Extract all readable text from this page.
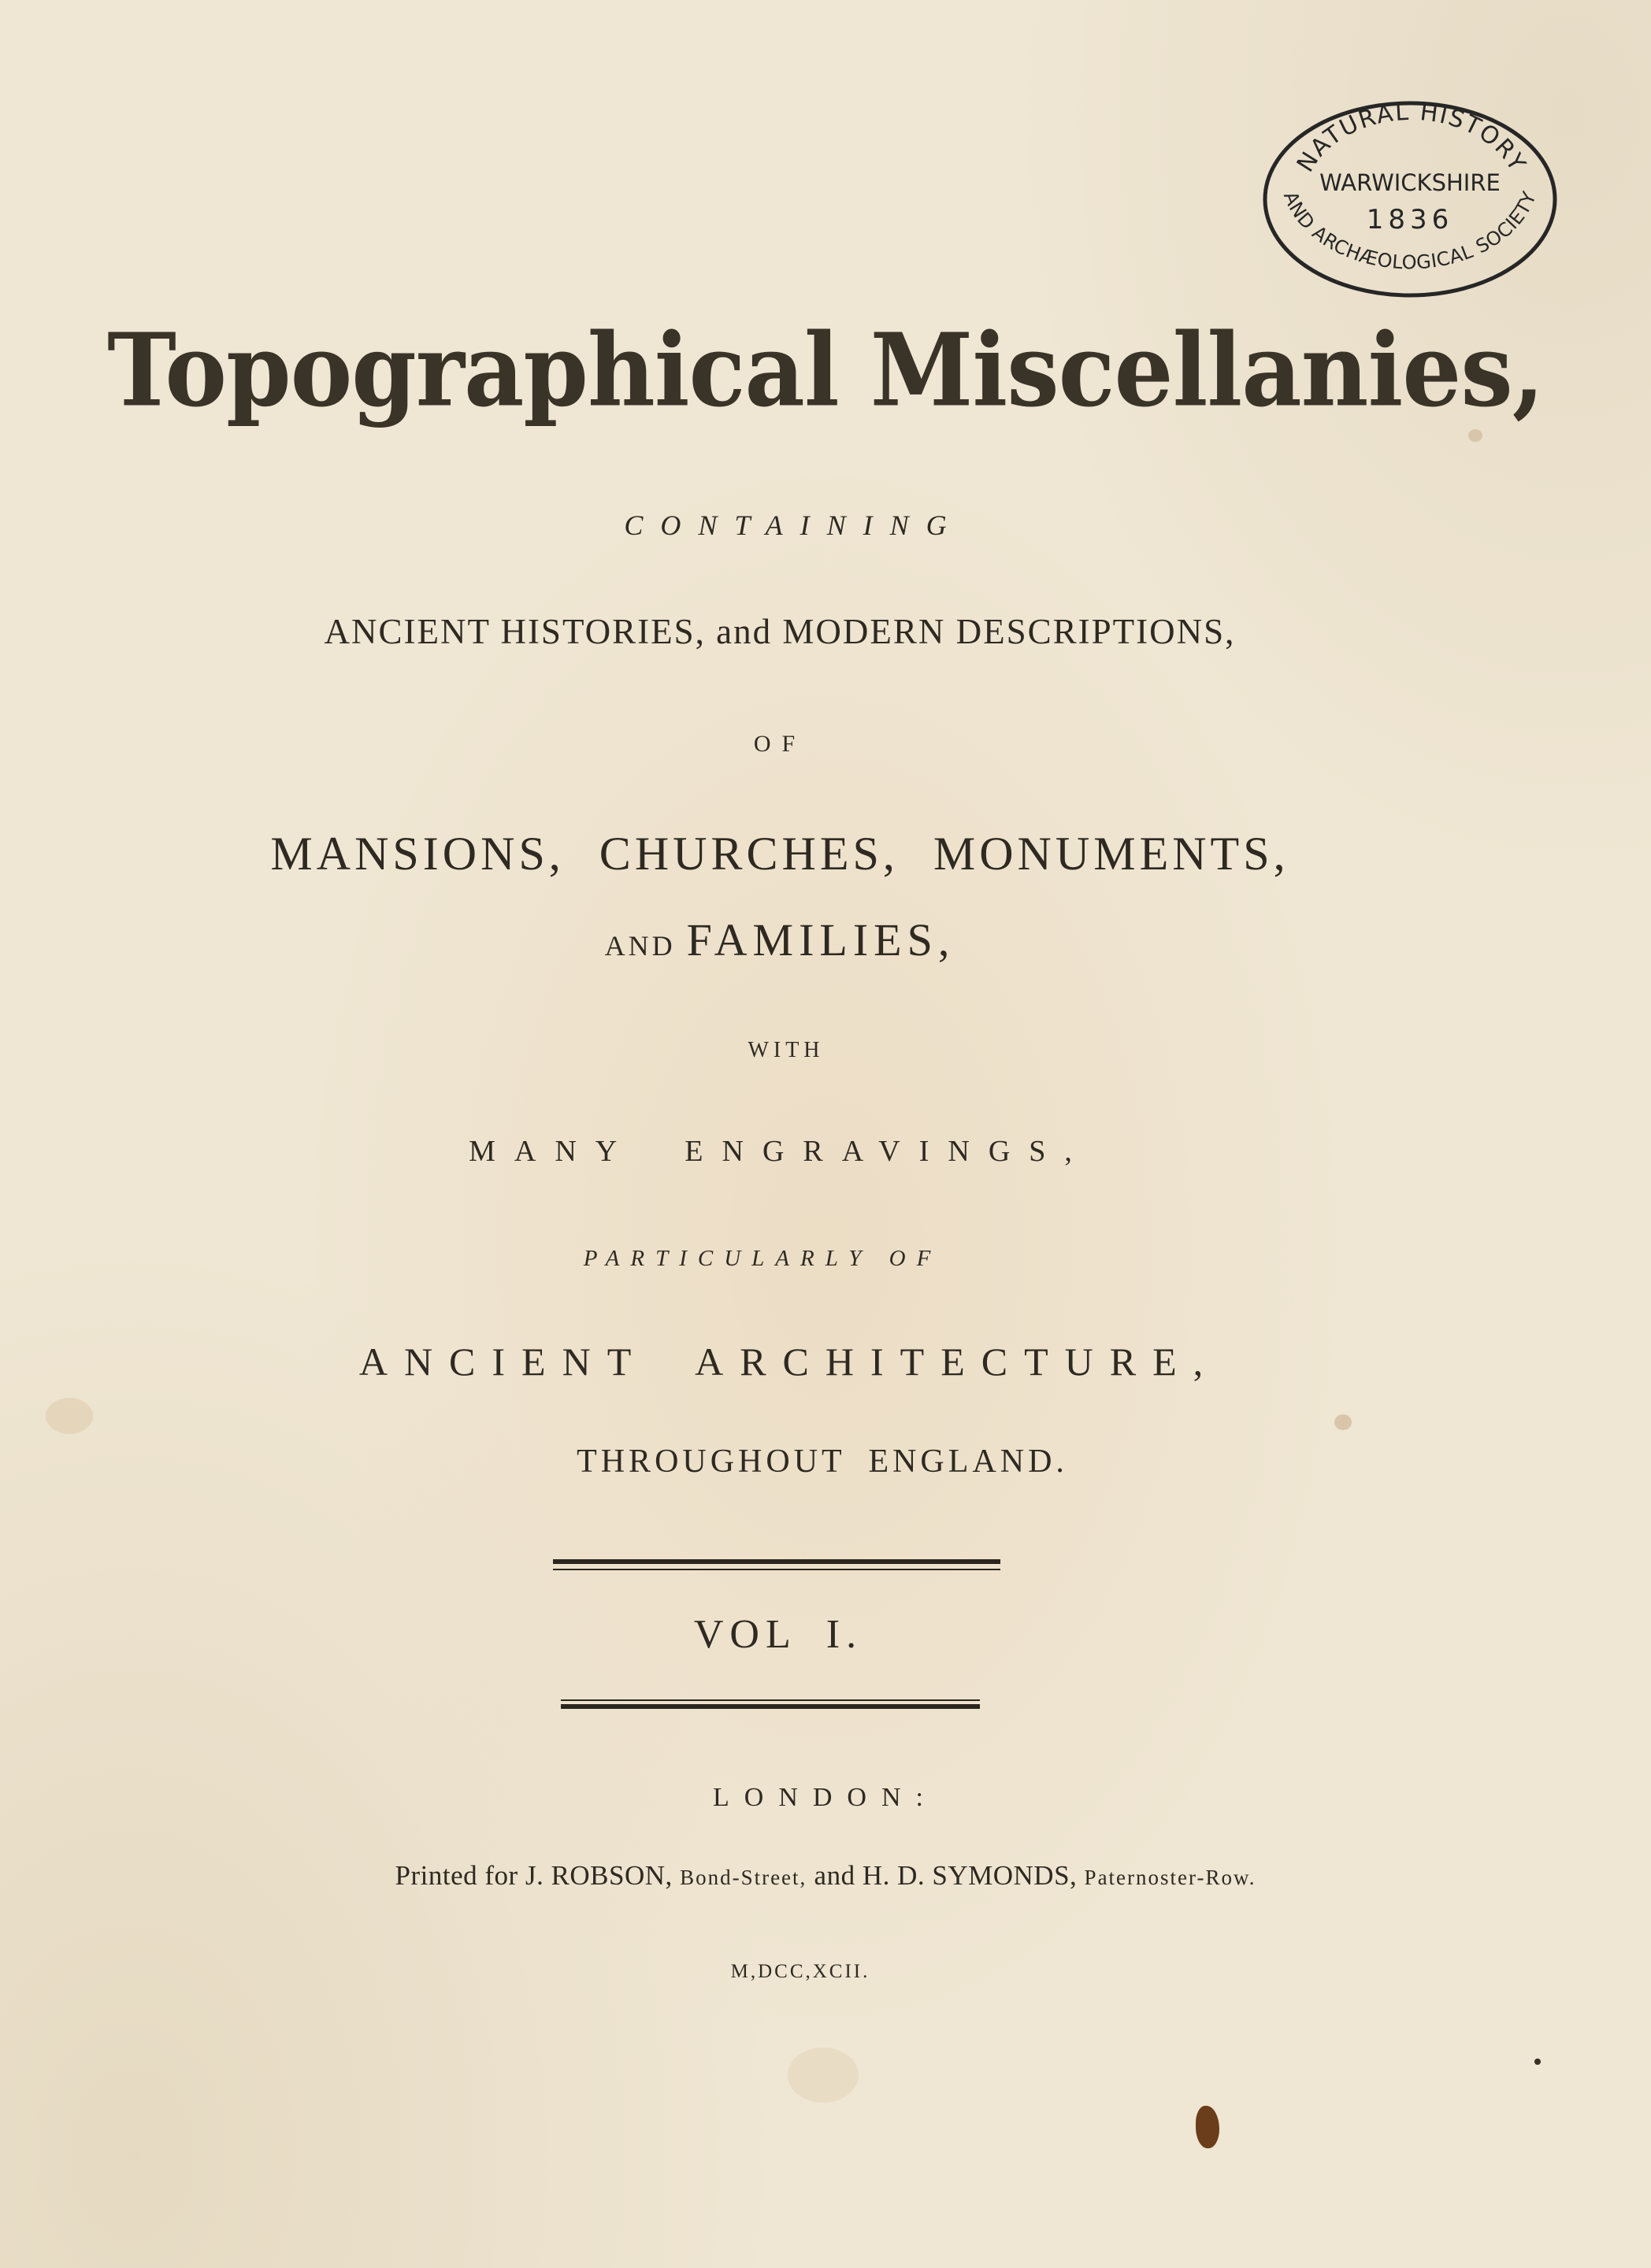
Topographical Miscellanies,
CONTAINING
ANCIENT HISTORIES, and MODERN DESCRIPTIONS,
OF
MANSIONS, CHURCHES, MONUMENTS,
AND FAMILIES,
WITH
MANY ENGRAVINGS,
PARTICULARLY OF
ANCIENT ARCHITECTURE,
THROUGHOUT ENGLAND.
VOL I.
LONDON:
Printed for J. ROBSON, Bond-Street, and H. D. SYMONDS, Paternoster-Row.
M,DCC,XCII.
NATURAL HISTORY
WARWICKSHIRE
1836
AND ARCHÆOLOGICAL SOCIETY
